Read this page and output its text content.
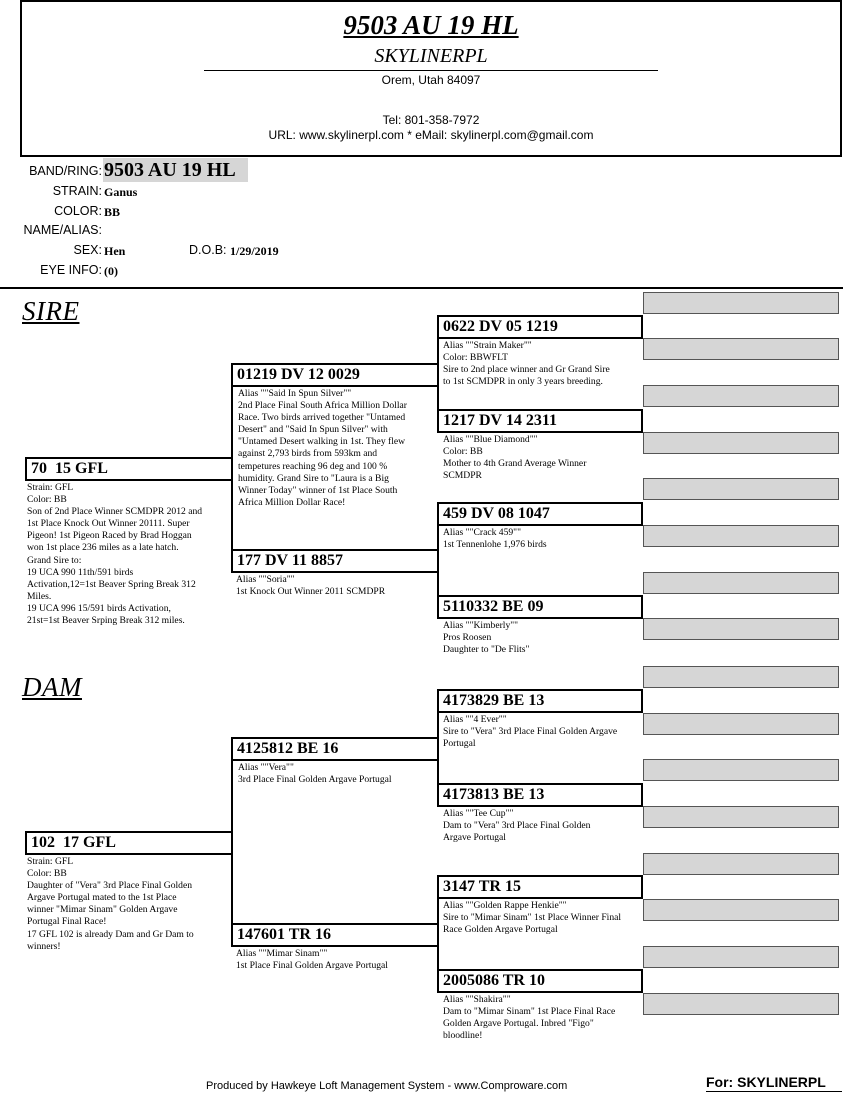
9503 AU 19 HL
SKYLINERPL
Orem, Utah 84097
Tel: 801-358-7972
URL: www.skylinerpl.com * eMail: skylinerpl.com@gmail.com
BAND/RING: 9503 AU 19 HL
STRAIN: Ganus
COLOR: BB
NAME/ALIAS:
SEX: Hen	D.O.B: 1/29/2019
EYE INFO: (0)
SIRE
DAM
70  15 GFL
Strain: GFL
Color: BB
Son of 2nd Place Winner SCMDPR 2012 and
1st Place Knock Out Winner 20111. Super
Pigeon! 1st Pigeon Raced by Brad Hoggan
won 1st place 236 miles as a late hatch.
Grand Sire to:
19 UCA 990 11th/591 birds
Activation,12=1st Beaver Spring Break 312
Miles.
19 UCA 996 15/591 birds Activation,
21st=1st Beaver Srping Break 312 miles.
102  17 GFL
Strain: GFL
Color: BB
Daughter of "Vera" 3rd Place Final Golden
Argave Portugal mated to the 1st Place
winner "Mimar Sinam" Golden Argave
Portugal Final Race!
17 GFL 102 is already Dam and Gr Dam to
winners!
01219 DV 12 0029
Alias ""Said In Spun Silver""
2nd Place Final South Africa Million Dollar
Race. Two birds arrived together "Untamed
Desert" and "Said In Spun Silver" with
"Untamed Desert walking in 1st. They flew
against 2,793 birds from 593km and
tempetures reaching 96 deg and 100 %
humidity. Grand Sire to "Laura is a Big
Winner Today" winner of 1st Place South
Africa Million Dollar Race!
177 DV 11 8857
Alias ""Soria""
1st Knock Out Winner 2011 SCMDPR
4125812 BE 16
Alias ""Vera""
3rd Place Final Golden Argave Portugal
147601 TR 16
Alias ""Mimar Sinam""
1st Place Final Golden Argave Portugal
0622 DV 05 1219
Alias ""Strain Maker""
Color: BBWFLT
Sire to 2nd place winner and Gr Grand Sire
to 1st SCMDPR in only 3 years breeding.
1217 DV 14 2311
Alias ""Blue Diamond""
Color: BB
Mother to 4th Grand Average Winner
SCMDPR
459 DV 08 1047
Alias ""Crack 459""
1st Tennenlohe 1,976 birds
5110332 BE 09
Alias ""Kimberly""
Pros Roosen
Daughter to "De Flits"
4173829 BE 13
Alias ""4 Ever""
Sire to "Vera" 3rd Place Final Golden Argave
Portugal
4173813 BE 13
Alias ""Tee Cup""
Dam to "Vera" 3rd Place Final Golden
Argave Portugal
3147 TR 15
Alias ""Golden Rappe Henkie""
Sire to "Mimar Sinam" 1st Place Winner Final
Race Golden Argave Portugal
2005086 TR 10
Alias ""Shakira""
Dam to "Mimar Sinam" 1st Place Final Race
Golden Argave Portugal. Inbred "Figo"
bloodline!
Produced by Hawkeye Loft Management System - www.Comproware.com	For: SKYLINERPL
